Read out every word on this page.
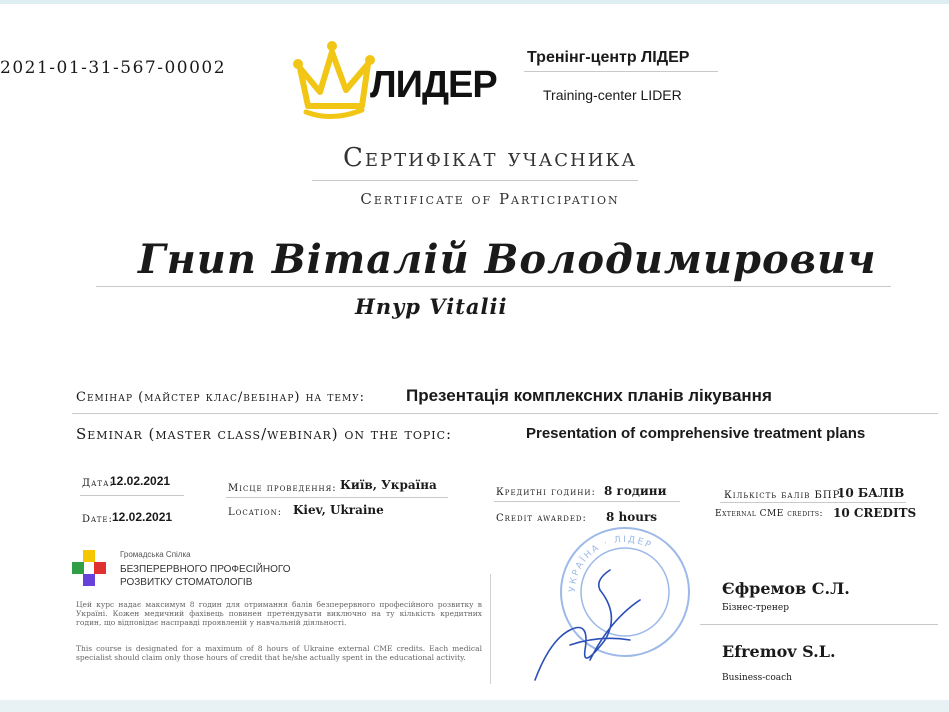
2021-01-31-567-00002	ЛИДЕР
Тренінг-центр ЛІДЕР
Training-center LIDER
Сертифікат учасника
Certificate of Participation
Гнип Віталій Володимирович
Hnyp Vitalii
Семінар (майстер клас/вебінар) на тему: Презентація комплексних планів лікування
Seminar (master class/webinar) on the topic:	Presentation of comprehensive treatment plans
Дата:
12.02.2021
Date: 12.02.2021
Місце проведення: Київ, Україна
Location: Kiev, Ukraine
Кредитні години: 8 години
Credit awarded: 8 hours
Кількість балів БПР:
10 БАЛІВ
External CME credits: 10 CREDITS
Громадська Спілка
БЕЗПЕРЕРВНОГО ПРОФЕСІЙНОГО
РОЗВИТКУ СТОМАТОЛОГІВ
Цей курс надає максимум 8 годин для отримання балів безперервного професійного розвитку в Україні. Кожен медичний фахівець повинен претендувати виключно на ту кількість кредитних годин, що відповідає насправді проявленій у навчальній діяльності.
This course is designated for a maximum of 8 hours of Ukraine external CME credits. Each medical specialist should claim only those hours of credit that he/she actually spent in the educational activity.
УКРАЇНА · ЛІДЕР
Єфремов С.Л.
Бізнес-тренер
Efremov S.L.
Business-coach
